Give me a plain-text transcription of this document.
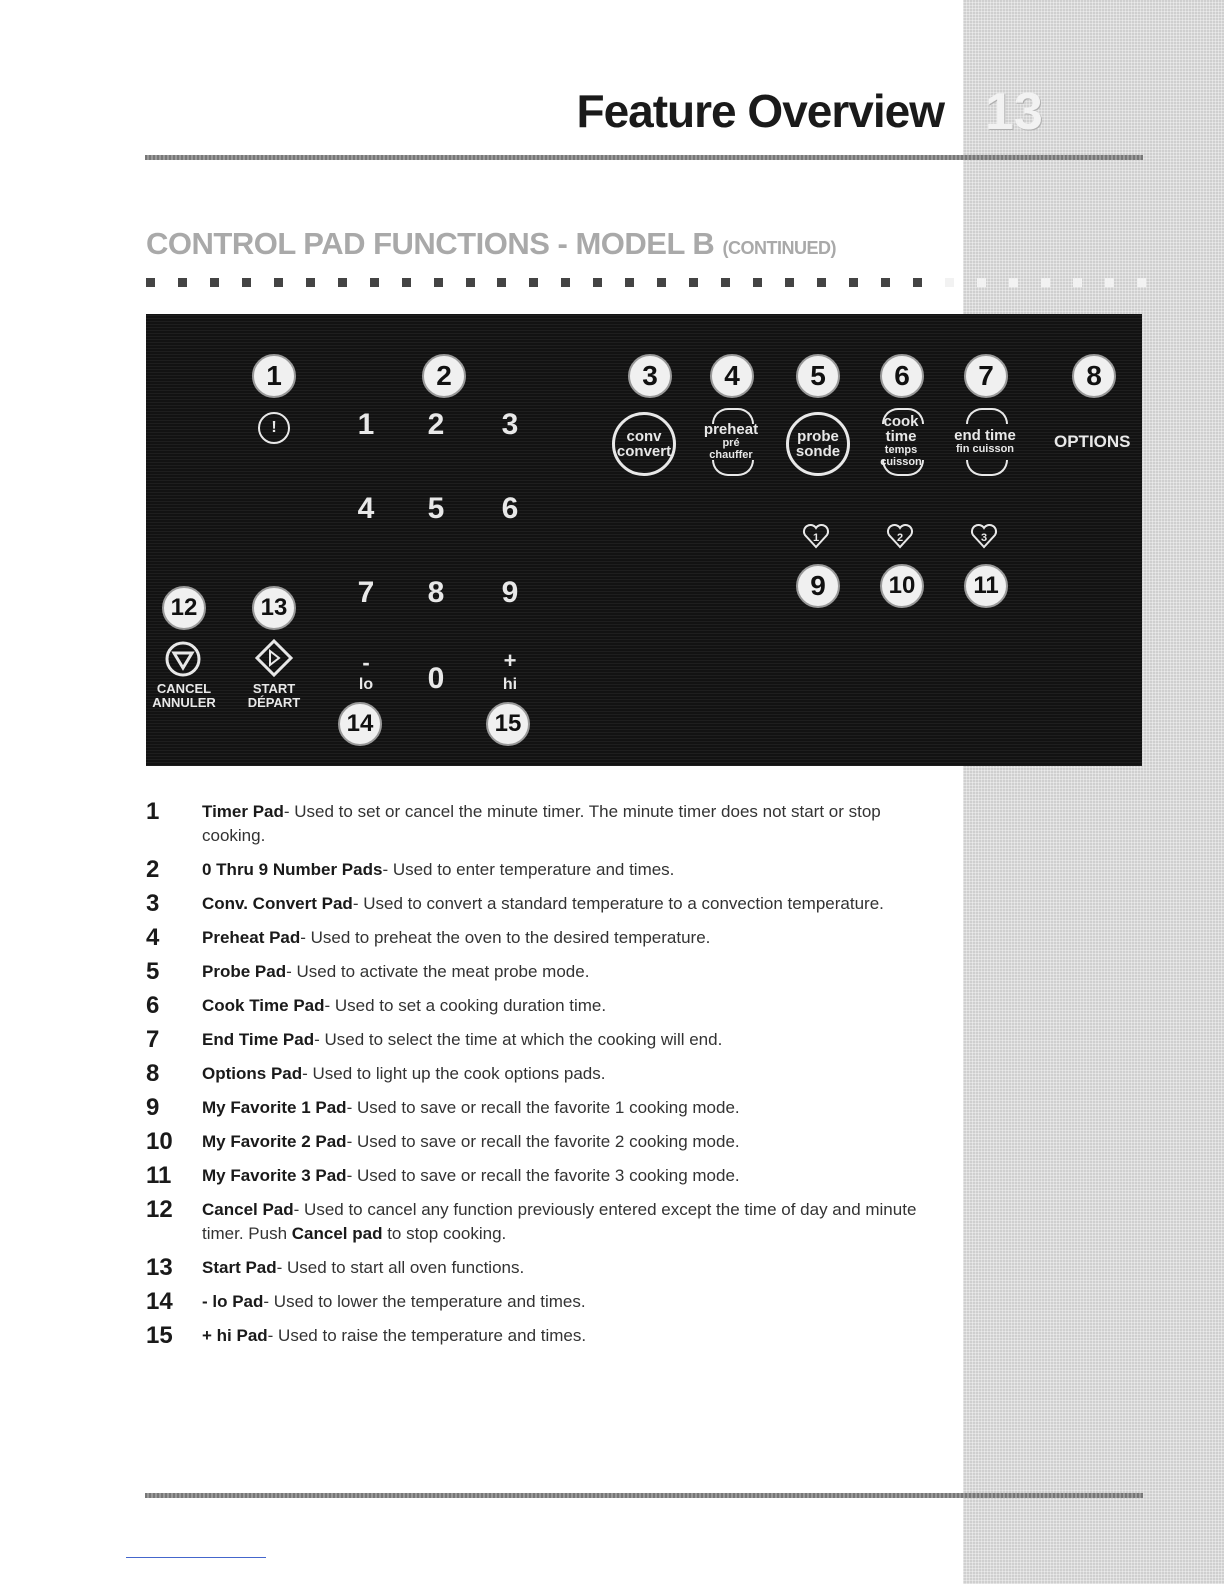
Feature Overview 13
CONTROL PAD FUNCTIONS - MODEL B (CONTINUED)
1	2	3	4	5	6	7	8
9	10	11
12	13
14	15
!	1	2	3
4	5	6
7	8	9
0
-
lo
+
hi
conv
convert
preheat
pré
chauffer
probe
sonde
cook time
temps
cuisson
end time
fin cuisson
1	2	3
OPTIONS
CANCEL
ANNULER
START
DÉPART
1	Timer Pad- Used to set or cancel the minute timer. The minute timer does not start or stop cooking.
2	0 Thru 9 Number Pads- Used to enter temperature and times.
3	Conv. Convert Pad- Used to convert a standard temperature to a convection temperature.
4	Preheat Pad- Used to preheat the oven to the desired temperature.
5	Probe Pad- Used to activate the meat probe mode.
6	Cook Time Pad- Used to set a cooking duration time.
7	End Time Pad- Used to select the time at which the cooking will end.
8	Options Pad- Used to light up the cook options pads.
9	My Favorite 1 Pad- Used to save or recall the favorite 1 cooking mode.
10	My Favorite 2 Pad- Used to save or recall the favorite 2 cooking mode.
11	My Favorite 3 Pad- Used to save or recall the favorite 3 cooking mode.
12	Cancel Pad- Used to cancel any function previously entered except the time of day and minute timer. Push Cancel pad to stop cooking.
13	Start Pad- Used to start all oven functions.
14	- lo Pad- Used to lower the temperature and times.
15	+ hi Pad- Used to raise the temperature and times.
